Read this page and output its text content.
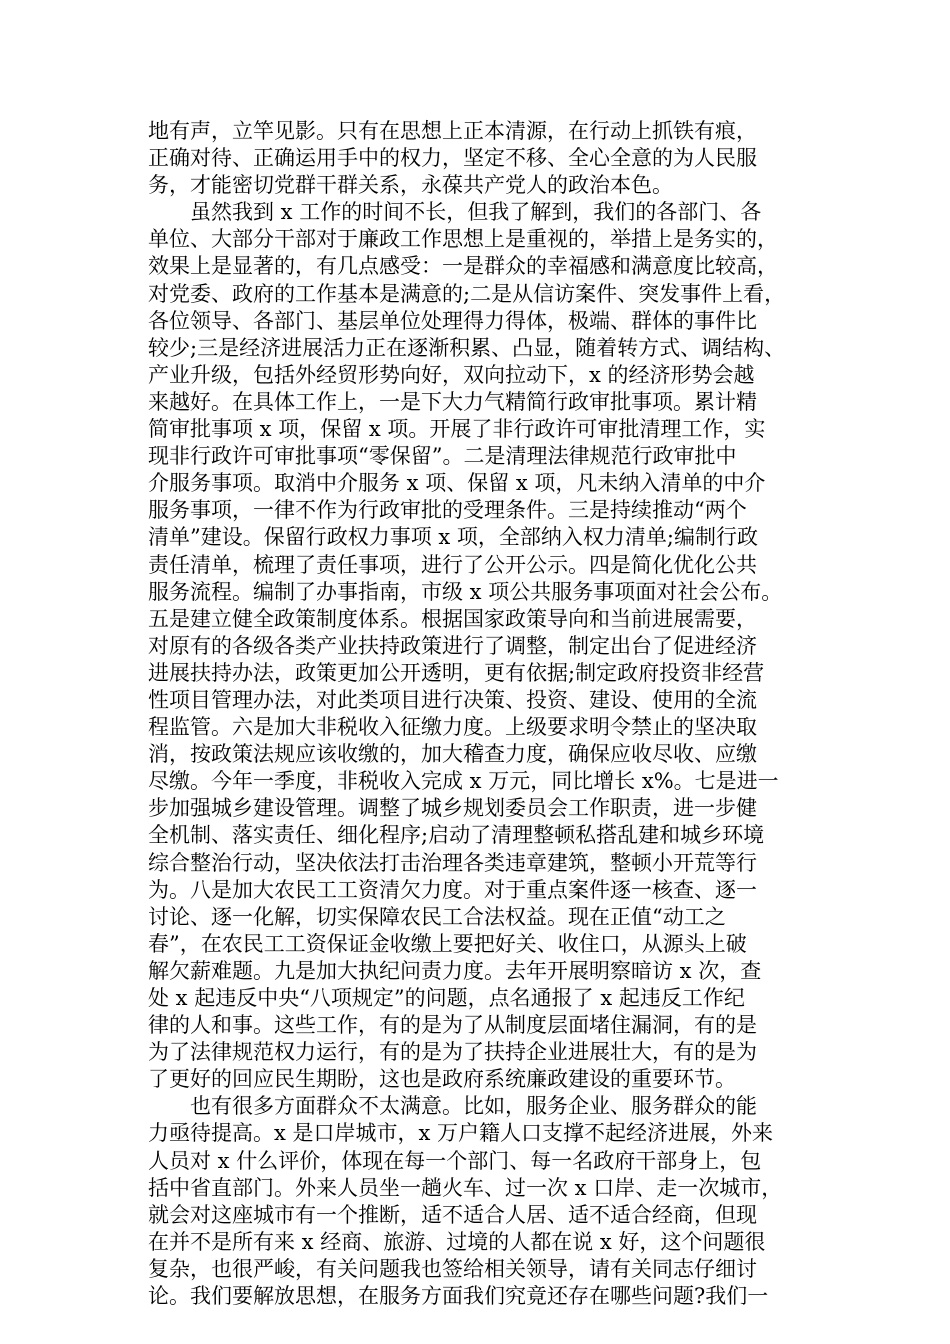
地有声，立竿见影。只有在思想上正本清源，在行动上抓铁有痕，
正确对待、正确运用手中的权力，坚定不移、全心全意的为人民服
务，才能密切党群干群关系，永葆共产党人的政治本色。
虽然我到 x 工作的时间不长，但我了解到，我们的各部门、各
单位、大部分干部对于廉政工作思想上是重视的，举措上是务实的，
效果上是显著的，有几点感受：一是群众的幸福感和满意度比较高，
对党委、政府的工作基本是满意的;二是从信访案件、突发事件上看，
各位领导、各部门、基层单位处理得力得体，极端、群体的事件比
较少;三是经济进展活力正在逐渐积累、凸显，随着转方式、调结构、
产业升级，包括外经贸形势向好，双向拉动下，x 的经济形势会越
来越好。在具体工作上，一是下大力气精简行政审批事项。累计精
简审批事项 x 项，保留 x 项。开展了非行政许可审批清理工作，实
现非行政许可审批事项“零保留”。二是清理法律规范行政审批中
介服务事项。取消中介服务 x 项、保留 x 项，凡未纳入清单的中介
服务事项，一律不作为行政审批的受理条件。三是持续推动“两个
清单”建设。保留行政权力事项 x 项，全部纳入权力清单;编制行政
责任清单，梳理了责任事项，进行了公开公示。四是简化优化公共
服务流程。编制了办事指南，市级 x 项公共服务事项面对社会公布。
五是建立健全政策制度体系。根据国家政策导向和当前进展需要，
对原有的各级各类产业扶持政策进行了调整，制定出台了促进经济
进展扶持办法，政策更加公开透明，更有依据;制定政府投资非经营
性项目管理办法，对此类项目进行决策、投资、建设、使用的全流
程监管。六是加大非税收入征缴力度。上级要求明令禁止的坚决取
消，按政策法规应该收缴的，加大稽查力度，确保应收尽收、应缴
尽缴。今年一季度，非税收入完成 x 万元，同比增长 x%。七是进一
步加强城乡建设管理。调整了城乡规划委员会工作职责，进一步健
全机制、落实责任、细化程序;启动了清理整顿私搭乱建和城乡环境
综合整治行动，坚决依法打击治理各类违章建筑，整顿小开荒等行
为。八是加大农民工工资清欠力度。对于重点案件逐一核查、逐一
讨论、逐一化解，切实保障农民工合法权益。现在正值“动工之
春”，在农民工工资保证金收缴上要把好关、收住口，从源头上破
解欠薪难题。九是加大执纪问责力度。去年开展明察暗访 x 次，查
处 x 起违反中央“八项规定”的问题，点名通报了 x 起违反工作纪
律的人和事。这些工作，有的是为了从制度层面堵住漏洞，有的是
为了法律规范权力运行，有的是为了扶持企业进展壮大，有的是为
了更好的回应民生期盼，这也是政府系统廉政建设的重要环节。
也有很多方面群众不太满意。比如，服务企业、服务群众的能
力亟待提高。x 是口岸城市，x 万户籍人口支撑不起经济进展，外来
人员对 x 什么评价，体现在每一个部门、每一名政府干部身上，包
括中省直部门。外来人员坐一趟火车、过一次 x 口岸、走一次城市，
就会对这座城市有一个推断，适不适合人居、适不适合经商，但现
在并不是所有来 x 经商、旅游、过境的人都在说 x 好，这个问题很
复杂，也很严峻，有关问题我也签给相关领导，请有关同志仔细讨
论。我们要解放思想，在服务方面我们究竟还存在哪些问题?我们一
